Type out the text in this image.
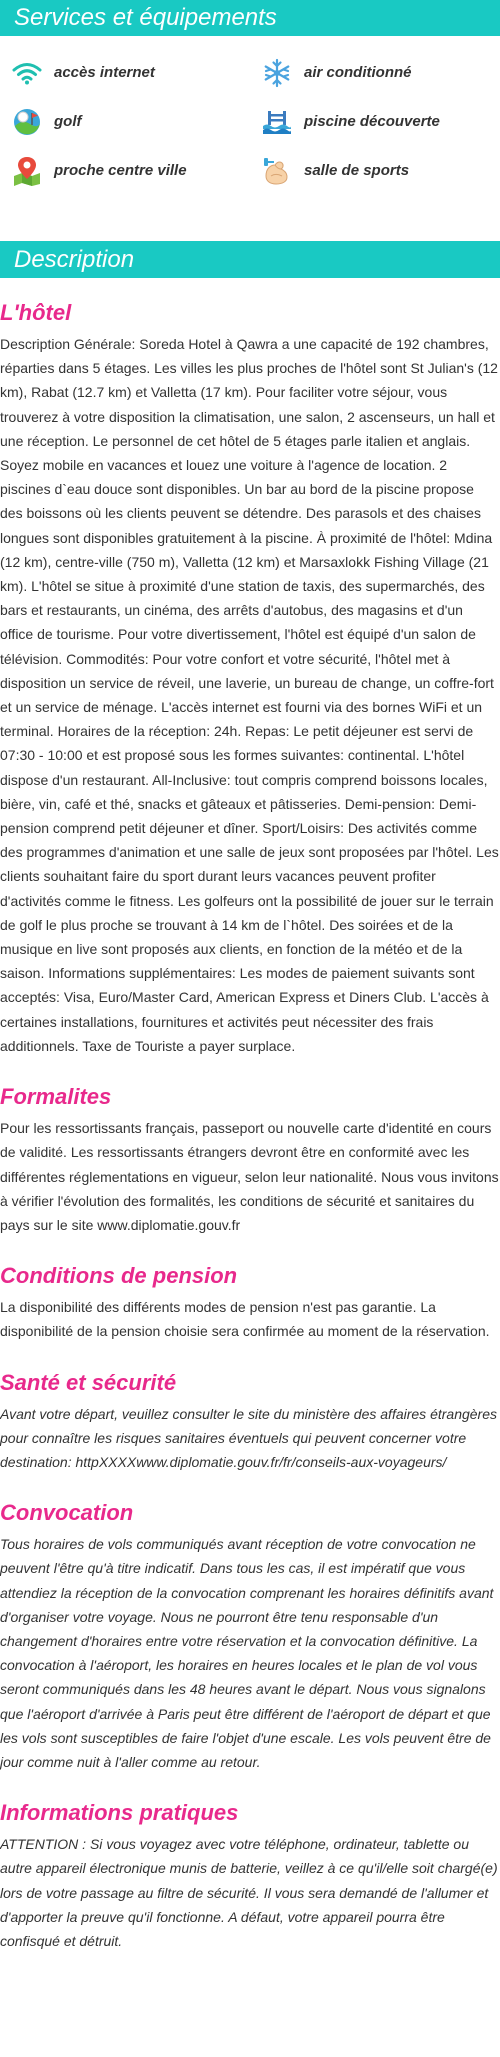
Services et équipements
accès internet	air conditionné
golf	piscine découverte
proche centre ville	salle de sports
Description
L'hôtel

Description Générale: Soreda Hotel à Qawra a une capacité de 192 chambres, réparties dans 5 étages. Les villes les plus proches de l'hôtel sont St Julian's (12 km), Rabat (12.7 km) et Valletta (17 km). Pour faciliter votre séjour, vous trouverez à votre disposition la climatisation, une salon, 2 ascenseurs, un hall et une réception. Le personnel de cet hôtel de 5 étages parle italien et anglais. Soyez mobile en vacances et louez une voiture à l'agence de location. 2 piscines d`eau douce sont disponibles. Un bar au bord de la piscine propose des boissons où les clients peuvent se détendre. Des parasols et des chaises longues sont disponibles gratuitement à la piscine. À proximité de l'hôtel: Mdina (12 km), centre-ville (750 m), Valletta (12 km) et Marsaxlokk Fishing Village (21 km). L'hôtel se situe à proximité d'une station de taxis, des supermarchés, des bars et restaurants, un cinéma, des arrêts d'autobus, des magasins et d'un office de tourisme. Pour votre divertissement, l'hôtel est équipé d'un salon de télévision. Commodités: Pour votre confort et votre sécurité, l'hôtel met à disposition un service de réveil, une laverie, un bureau de change, un coffre-fort et un service de ménage. L'accès internet est fourni via des bornes WiFi et un terminal. Horaires de la réception: 24h. Repas: Le petit déjeuner est servi de 07:30 - 10:00 et est proposé sous les formes suivantes: continental. L'hôtel dispose d'un restaurant. All-Inclusive: tout compris comprend boissons locales, bière, vin, café et thé, snacks et gâteaux et pâtisseries. Demi-pension: Demi-pension comprend petit déjeuner et dîner. Sport/Loisirs: Des activités comme des programmes d'animation et une salle de jeux sont proposées par l'hôtel. Les clients souhaitant faire du sport durant leurs vacances peuvent profiter d'activités comme le fitness. Les golfeurs ont la possibilité de jouer sur le terrain de golf le plus proche se trouvant à 14 km de l`hôtel. Des soirées et de la musique en live sont proposés aux clients, en fonction de la météo et de la saison. Informations supplémentaires: Les modes de paiement suivants sont acceptés: Visa, Euro/Master Card, American Express et Diners Club. L'accès à certaines installations, fournitures et activités peut nécessiter des frais additionnels. Taxe de Touriste a payer surplace.

Formalites

Pour les ressortissants français, passeport ou nouvelle carte d'identité en cours de validité. Les ressortissants étrangers devront être en conformité avec les différentes réglementations en vigueur, selon leur nationalité. Nous vous invitons à vérifier l'évolution des formalités, les conditions de sécurité et sanitaires du pays sur le site www.diplomatie.gouv.fr

Conditions de pension

La disponibilité des différents modes de pension n'est pas garantie. La disponibilité de la pension choisie sera confirmée au moment de la réservation.

Santé et sécurité

Avant votre départ, veuillez consulter le site du ministère des affaires étrangères pour connaître les risques sanitaires éventuels qui peuvent concerner votre destination: httpXXXXwww.diplomatie.gouv.fr/fr/conseils-aux-voyageurs/

Convocation

Tous horaires de vols communiqués avant réception de votre convocation ne peuvent l'être qu'à titre indicatif. Dans tous les cas, il est impératif que vous attendiez la réception de la convocation comprenant les horaires définitifs avant d'organiser votre voyage. Nous ne pourront être tenu responsable d'un changement d'horaires entre votre réservation et la convocation définitive. La convocation à l'aéroport, les horaires en heures locales et le plan de vol vous seront communiqués dans les 48 heures avant le départ. Nous vous signalons que l'aéroport d'arrivée à Paris peut être différent de l'aéroport de départ et que les vols sont susceptibles de faire l'objet d'une escale. Les vols peuvent être de jour comme nuit à l'aller comme au retour.

Informations pratiques

ATTENTION : Si vous voyagez avec votre téléphone, ordinateur, tablette ou autre appareil électronique munis de batterie, veillez à ce qu'il/elle soit chargé(e) lors de votre passage au filtre de sécurité. Il vous sera demandé de l'allumer et d'apporter la preuve qu'il fonctionne. A défaut, votre appareil pourra être confisqué et détruit.
